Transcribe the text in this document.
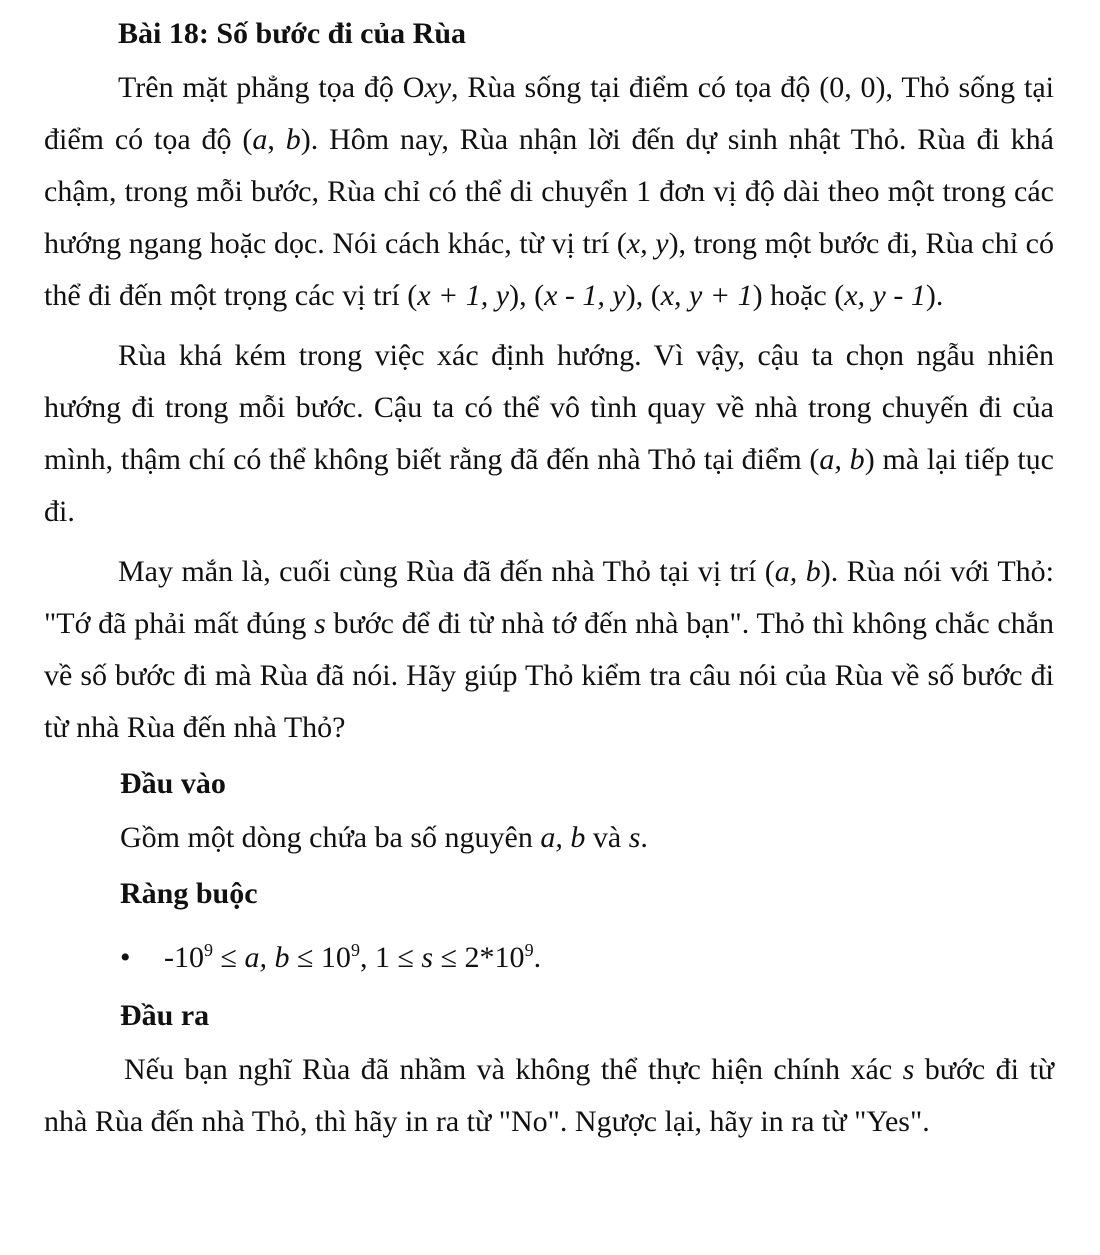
Bài 18: Số bước đi của Rùa

Trên mặt phẳng tọa độ Oxy, Rùa sống tại điểm có tọa độ (0, 0), Thỏ sống tại điểm có tọa độ (a, b). Hôm nay, Rùa nhận lời đến dự sinh nhật Thỏ. Rùa đi khá chậm, trong mỗi bước, Rùa chỉ có thể di chuyển 1 đơn vị độ dài theo một trong các hướng ngang hoặc dọc. Nói cách khác, từ vị trí (x, y), trong một bước đi, Rùa chỉ có thể đi đến một trọng các vị trí (x + 1, y), (x - 1, y), (x, y + 1) hoặc (x, y - 1).

Rùa khá kém trong việc xác định hướng. Vì vậy, cậu ta chọn ngẫu nhiên hướng đi trong mỗi bước. Cậu ta có thể vô tình quay về nhà trong chuyến đi của mình, thậm chí có thể không biết rằng đã đến nhà Thỏ tại điểm (a, b) mà lại tiếp tục đi.

May mắn là, cuối cùng Rùa đã đến nhà Thỏ tại vị trí (a, b). Rùa nói với Thỏ: "Tớ đã phải mất đúng s bước để đi từ nhà tớ đến nhà bạn". Thỏ thì không chắc chắn về số bước đi mà Rùa đã nói. Hãy giúp Thỏ kiểm tra câu nói của Rùa về số bước đi từ nhà Rùa đến nhà Thỏ?

Đầu vào
Gồm một dòng chứa ba số nguyên a, b và s.
Ràng buộc
•	$-10^9 \le a$, $b \le 10^9$, $1 \le s \le 2*10^9$.
Đầu ra

Nếu bạn nghĩ Rùa đã nhầm và không thể thực hiện chính xác s bước đi từ nhà Rùa đến nhà Thỏ, thì hãy in ra từ "No". Ngược lại, hãy in ra từ "Yes".
